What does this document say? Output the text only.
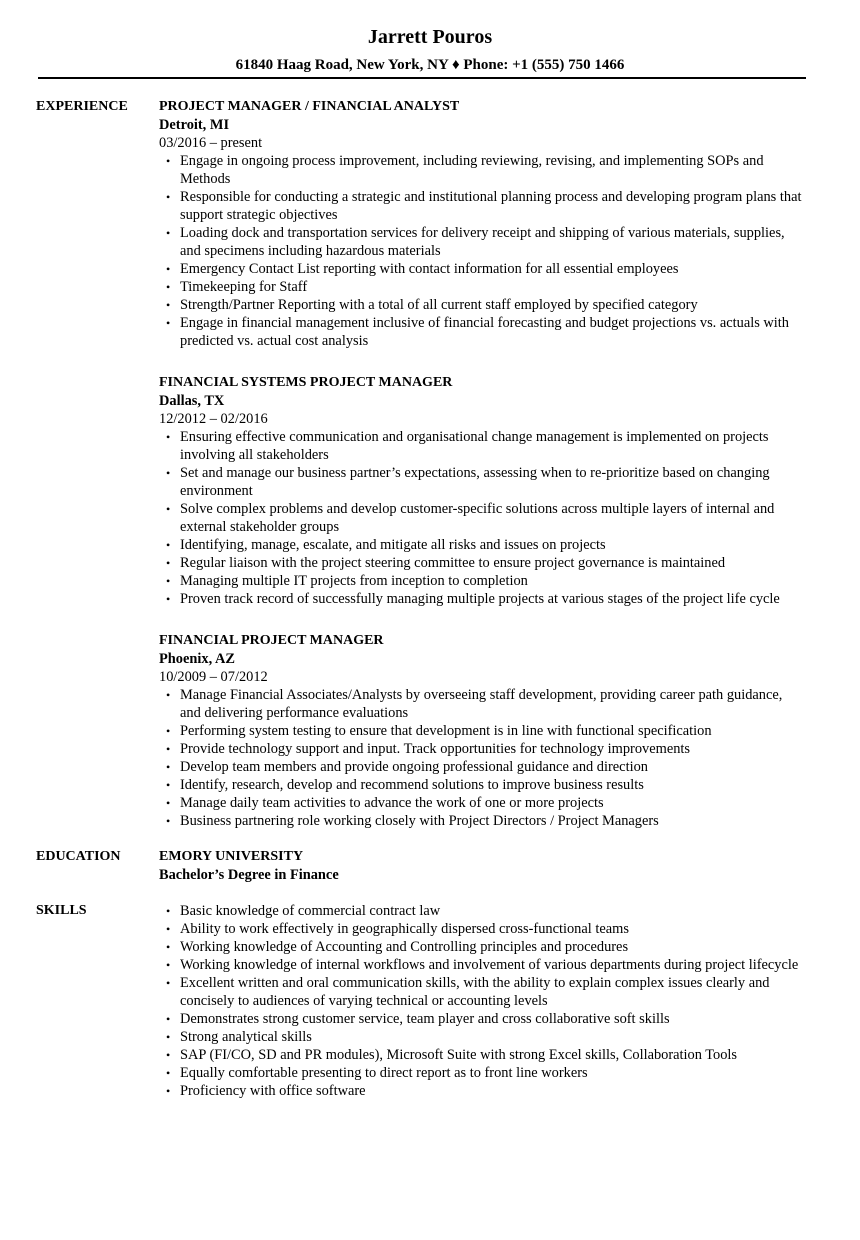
Jarrett Pouros
61840 Haag Road, New York, NY ♦ Phone: +1 (555) 750 1466
EXPERIENCE	PROJECT MANAGER / FINANCIAL ANALYST
Detroit, MI
03/2016 – present
• Engage in ongoing process improvement, including reviewing, revising, and implementing SOPs and Methods
• Responsible for conducting a strategic and institutional planning process and developing program plans that support strategic objectives
• Loading dock and transportation services for delivery receipt and shipping of various materials, supplies, and specimens including hazardous materials
• Emergency Contact List reporting with contact information for all essential employees
• Timekeeping for Staff
• Strength/Partner Reporting with a total of all current staff employed by specified category
• Engage in financial management inclusive of financial forecasting and budget projections vs. actuals with predicted vs. actual cost analysis
FINANCIAL SYSTEMS PROJECT MANAGER
Dallas, TX
12/2012 – 02/2016
• Ensuring effective communication and organisational change management is implemented on projects involving all stakeholders
• Set and manage our business partner’s expectations, assessing when to re-prioritize based on changing environment
• Solve complex problems and develop customer-specific solutions across multiple layers of internal and external stakeholder groups
• Identifying, manage, escalate, and mitigate all risks and issues on projects
• Regular liaison with the project steering committee to ensure project governance is maintained
• Managing multiple IT projects from inception to completion
• Proven track record of successfully managing multiple projects at various stages of the project life cycle
FINANCIAL PROJECT MANAGER
Phoenix, AZ
10/2009 – 07/2012
• Manage Financial Associates/Analysts by overseeing staff development, providing career path guidance, and delivering performance evaluations
• Performing system testing to ensure that development is in line with functional specification
• Provide technology support and input. Track opportunities for technology improvements
• Develop team members and provide ongoing professional guidance and direction
• Identify, research, develop and recommend solutions to improve business results
• Manage daily team activities to advance the work of one or more projects
• Business partnering role working closely with Project Directors / Project Managers
EDUCATION	EMORY UNIVERSITY
Bachelor’s Degree in Finance
SKILLS	• Basic knowledge of commercial contract law
• Ability to work effectively in geographically dispersed cross-functional teams
• Working knowledge of Accounting and Controlling principles and procedures
• Working knowledge of internal workflows and involvement of various departments during project lifecycle
• Excellent written and oral communication skills, with the ability to explain complex issues clearly and concisely to audiences of varying technical or accounting levels
• Demonstrates strong customer service, team player and cross collaborative soft skills
• Strong analytical skills
• SAP (FI/CO, SD and PR modules), Microsoft Suite with strong Excel skills, Collaboration Tools
• Equally comfortable presenting to direct report as to front line workers
• Proficiency with office software
